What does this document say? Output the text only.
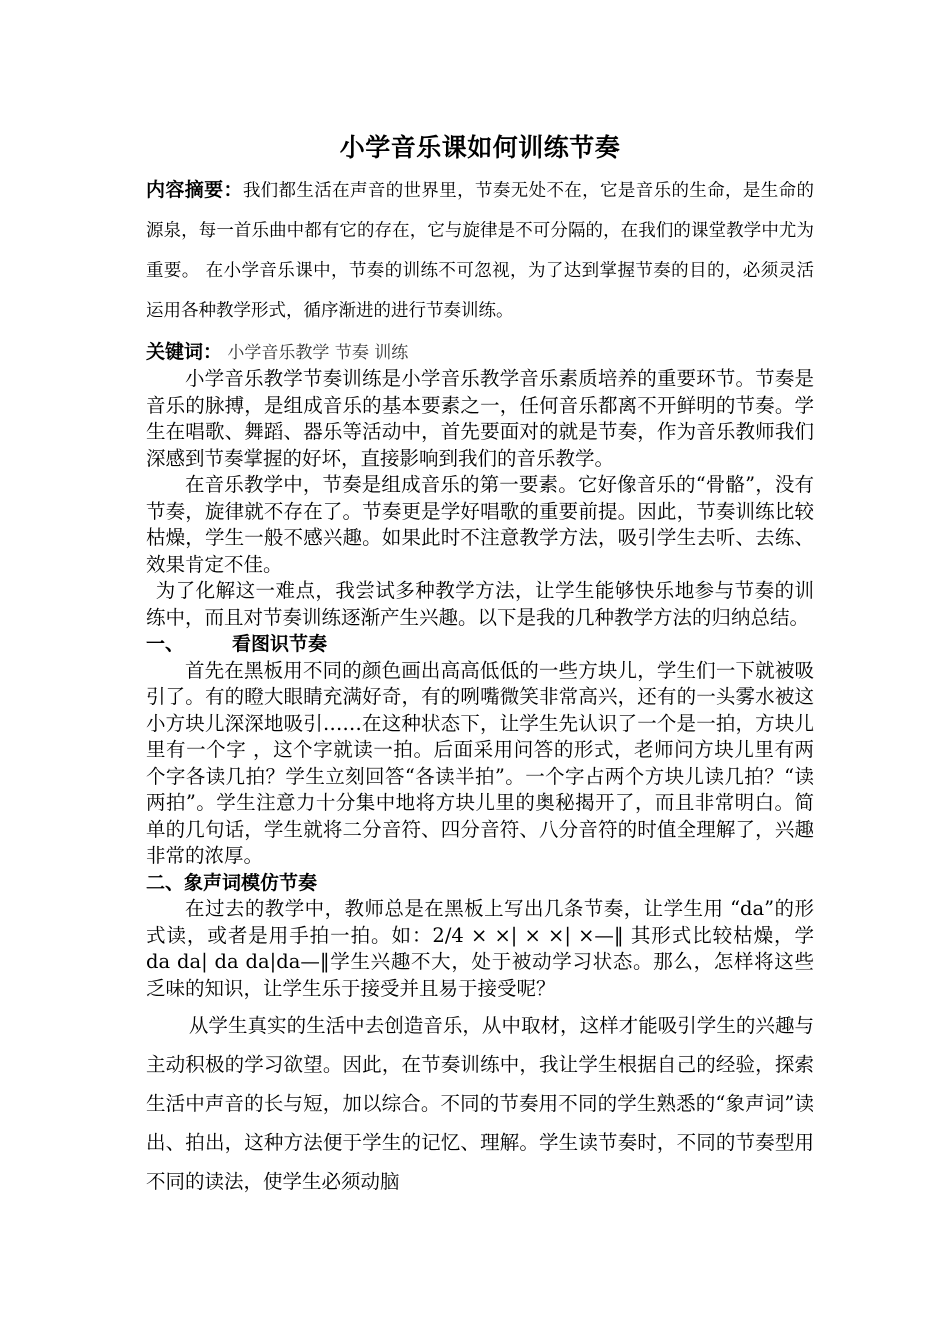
小学音乐课如何训练节奏

内容摘要：我们都生活在声音的世界里，节奏无处不在，它是音乐的生命，是生命的源泉，每一首乐曲中都有它的存在，它与旋律是不可分隔的，在我们的课堂教学中尤为重要。 在小学音乐课中，节奏的训练不可忽视，为了达到掌握节奏的目的，必须灵活运用各种教学形式，循序渐进的进行节奏训练。

关键词： 小学音乐教学 节奏 训练

小学音乐教学节奏训练是小学音乐教学音乐素质培养的重要环节。节奏是音乐的脉搏，是组成音乐的基本要素之一，任何音乐都离不开鲜明的节奏。学生在唱歌、舞蹈、器乐等活动中，首先要面对的就是节奏，作为音乐教师我们深感到节奏掌握的好坏，直接影响到我们的音乐教学。

在音乐教学中，节奏是组成音乐的第一要素。它好像音乐的“骨骼”，没有节奏，旋律就不存在了。节奏更是学好唱歌的重要前提。因此，节奏训练比较枯燥，学生一般不感兴趣。如果此时不注意教学方法，吸引学生去听、去练、效果肯定不佳。

为了化解这一难点，我尝试多种教学方法，让学生能够快乐地参与节奏的训练中，而且对节奏训练逐渐产生兴趣。以下是我的几种教学方法的归纳总结。

一、	看图识节奏

首先在黑板用不同的颜色画出高高低低的一些方块儿，学生们一下就被吸引了。有的瞪大眼睛充满好奇，有的咧嘴微笑非常高兴，还有的一头雾水被这小方块儿深深地吸引……在这种状态下，让学生先认识了一个是一拍，方块儿里有一个字 ，这个字就读一拍。后面采用问答的形式，老师问方块儿里有两个字各读几拍？学生立刻回答“各读半拍”。一个字占两个方块儿读几拍？“读两拍”。学生注意力十分集中地将方块儿里的奥秘揭开了，而且非常明白。简单的几句话，学生就将二分音符、四分音符、八分音符的时值全理解了，兴趣非常的浓厚。

二、象声词模仿节奏

在过去的教学中，教师总是在黑板上写出几条节奏，让学生用 “da”的形式读，或者是用手拍一拍。如：2/4 × ×| × ×| ×—‖ 其形式比较枯燥，学 da da| da da|da—‖学生兴趣不大，处于被动学习状态。那么，怎样将这些乏味的知识，让学生乐于接受并且易于接受呢？

从学生真实的生活中去创造音乐，从中取材，这样才能吸引学生的兴趣与主动积极的学习欲望。因此，在节奏训练中，我让学生根据自己的经验，探索生活中声音的长与短，加以综合。不同的节奏用不同的学生熟悉的“象声词”读出、拍出，这种方法便于学生的记忆、理解。学生读节奏时，不同的节奏型用不同的读法，使学生必须动脑
